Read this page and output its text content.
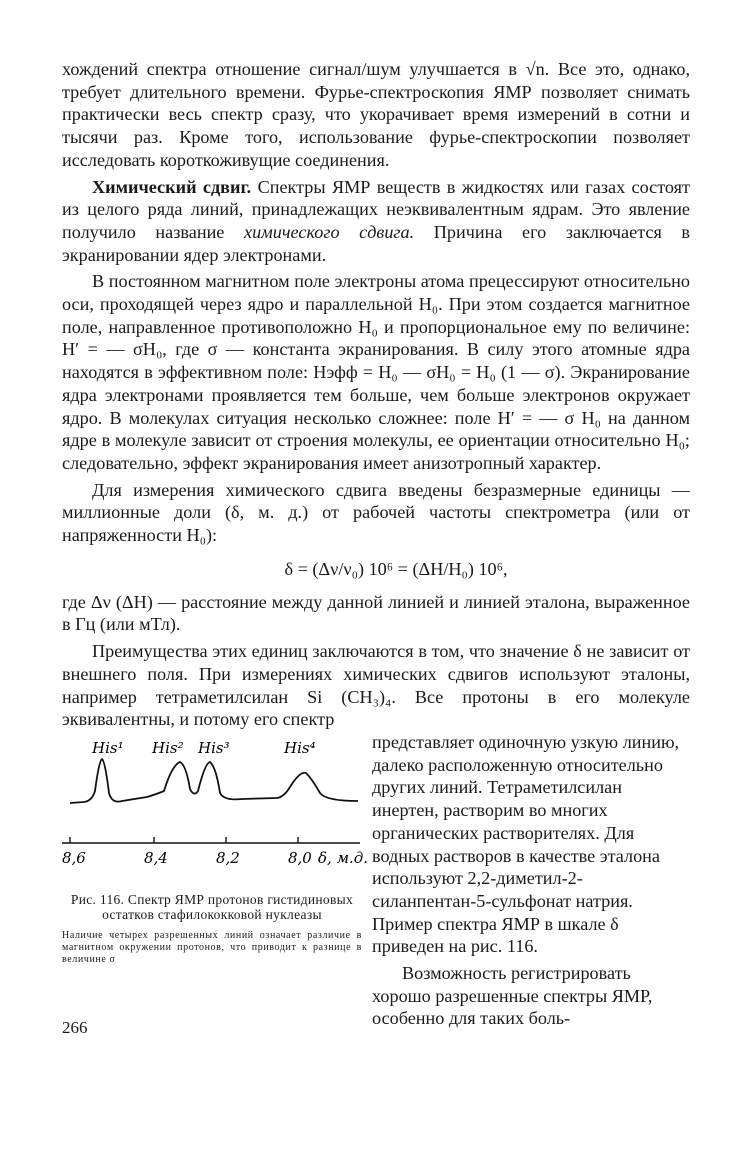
хождений спектра отношение сигнал/шум улучшается в √n. Все это, однако, требует длительного времени. Фурье-спектроскопия ЯМР позволяет снимать практически весь спектр сразу, что укорачивает время измерений в сотни и тысячи раз. Кроме того, использование фурье-спектроскопии позволяет исследовать короткоживущие соединения.

Химический сдвиг. Спектры ЯМР веществ в жидкостях или газах состоят из целого ряда линий, принадлежащих неэквивалентным ядрам. Это явление получило название химического сдвига. Причина его заключается в экранировании ядер электронами.

В постоянном магнитном поле электроны атома прецессируют относительно оси, проходящей через ядро и параллельной H₀. При этом создается магнитное поле, направленное противоположно H₀ и пропорциональное ему по величине: H′ = — σH₀, где σ — константа экранирования. В силу этого атомные ядра находятся в эффективном поле: Hэфф = H₀ — σH₀ = H₀ (1 — σ). Экранирование ядра электронами проявляется тем больше, чем больше электронов окружает ядро. В молекулах ситуация несколько сложнее: поле H′ = — σ H₀ на данном ядре в молекуле зависит от строения молекулы, ее ориентации относительно H₀; следовательно, эффект экранирования имеет анизотропный характер.

Для измерения химического сдвига введены безразмерные единицы — миллионные доли (δ, м. д.) от рабочей частоты спектрометра (или от напряженности H₀):

δ = (Δν/ν₀) 10⁶ = (ΔH/H₀) 10⁶,

где Δν (ΔH) — расстояние между данной линией и линией эталона, выраженное в Гц (или мТл).

Преимущества этих единиц заключаются в том, что значение δ не зависит от внешнего поля. При измерениях химических сдвигов используют эталоны, например тетраметилсилан Si (CH₃)₄. Все протоны в его молекуле эквивалентны, и потому его спектр

His¹ His² His³	His⁴
8,6	8,4	8,2	8,0 δ, м.д.
Рис. 116. Спектр ЯМР протонов гистидиновых остатков стафилококковой нуклеазы
Наличие четырех разрешенных линий означает различие в магнитном окружении протонов, что приводит к разнице в величине σ

представляет одиночную узкую линию, далеко расположенную относительно других линий. Тетраметилсилан инертен, растворим во многих органических растворителях. Для водных растворов в качестве эталона используют 2,2-диметил-2-силанпентан-5-сульфонат натрия. Пример спектра ЯМР в шкале δ приведен на рис. 116.

Возможность регистрировать хорошо разрешенные спектры ЯМР, особенно для таких боль-

266
